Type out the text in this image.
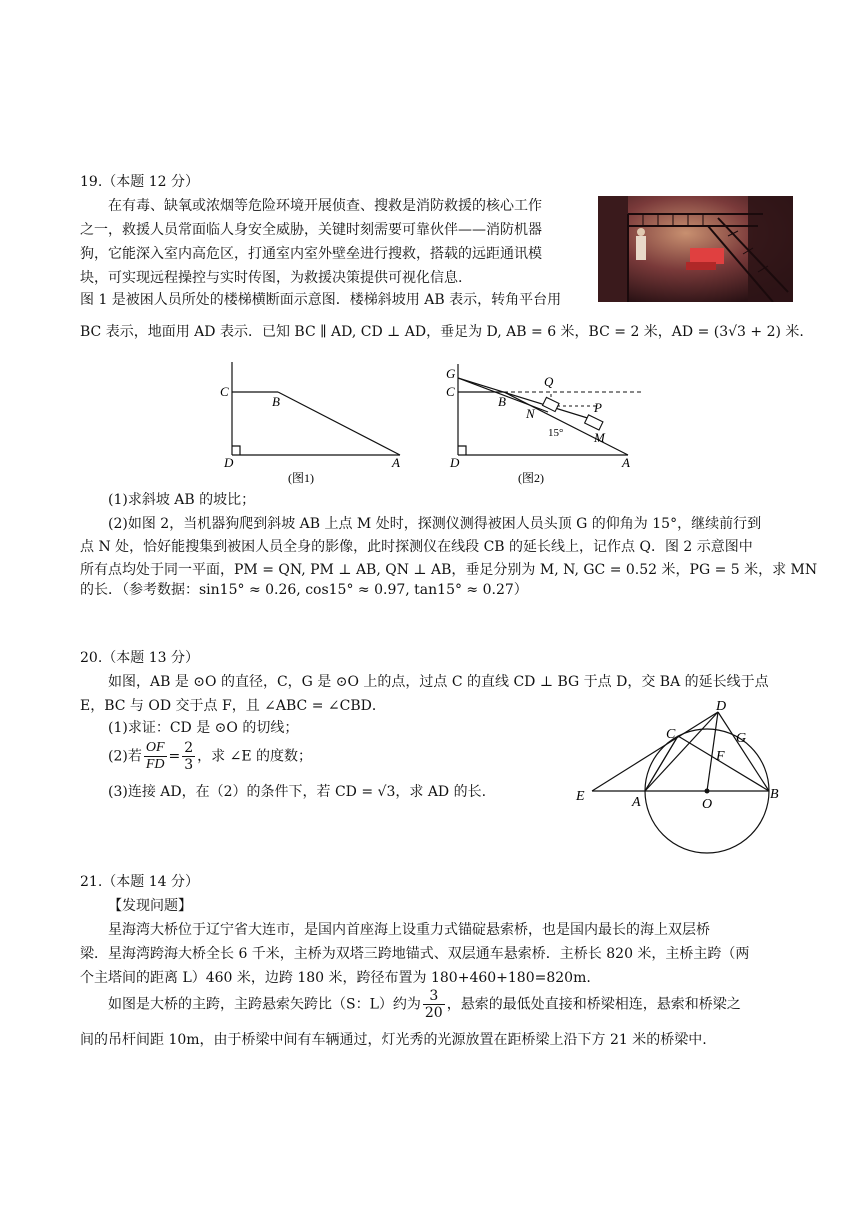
19.（本题 12 分）
在有毒、缺氧或浓烟等危险环境开展侦查、搜救是消防救援的核心工作
之一，救援人员常面临人身安全威胁，关键时刻需要可靠伙伴——消防机器
狗，它能深入室内高危区，打通室内室外壁垒进行搜救，搭载的远距通讯模
块，可实现远程操控与实时传图，为救援决策提供可视化信息.
图 1 是被困人员所处的楼梯横断面示意图．楼梯斜坡用 AB 表示，转角平台用
BC 表示，地面用 AD 表示．已知 BC ∥ AD, CD ⊥ AD，垂足为 D, AB = 6 米，BC = 2 米，AD = (3√3 + 2) 米.
C
B
D	A
(图1)
G
C
B
Q
P
N
M
15°
D	A
(图2)
(1)求斜坡 AB 的坡比；
(2)如图 2，当机器狗爬到斜坡 AB 上点 M 处时，探测仪测得被困人员头顶 G 的仰角为 15°，继续前行到
点 N 处，恰好能搜集到被困人员全身的影像，此时探测仪在线段 CB 的延长线上，记作点 Q．图 2 示意图中
所有点均处于同一平面，PM = QN, PM ⊥ AB, QN ⊥ AB，垂足分别为 M, N, GC = 0.52 米，PG = 5 米，求 MN
的长．（参考数据：sin15° ≈ 0.26, cos15° ≈ 0.97, tan15° ≈ 0.27）
20.（本题 13 分）
如图，AB 是 ⊙O 的直径，C，G 是 ⊙O 上的点，过点 C 的直线 CD ⊥ BG 于点 D，交 BA 的延长线于点
E，BC 与 OD 交于点 F，且 ∠ABC = ∠CBD．
(1)求证：CD 是 ⊙O 的切线；
(2)若 $\frac{OF}{FD} = \frac{2}{3}$ ，求 ∠E 的度数；
(3)连接 AD，在（2）的条件下，若 CD = √3，求 AD 的长.
D
C	G
F
E	A	O
B
21.（本题 14 分）
【发现问题】
星海湾大桥位于辽宁省大连市，是国内首座海上设重力式锚碇悬索桥，也是国内最长的海上双层桥
梁．星海湾跨海大桥全长 6 千米，主桥为双塔三跨地锚式、双层通车悬索桥．主桥长 820 米，主桥主跨（两
个主塔间的距离 L）460 米，边跨 180 米，跨径布置为 180+460+180=820m.
如图是大桥的主跨，主跨悬索矢跨比（S：L）约为 $\frac{3}{20}$ ，悬索的最低处直接和桥梁相连，悬索和桥梁之
间的吊杆间距 10m，由于桥梁中间有车辆通过，灯光秀的光源放置在距桥梁上沿下方 21 米的桥梁中.
